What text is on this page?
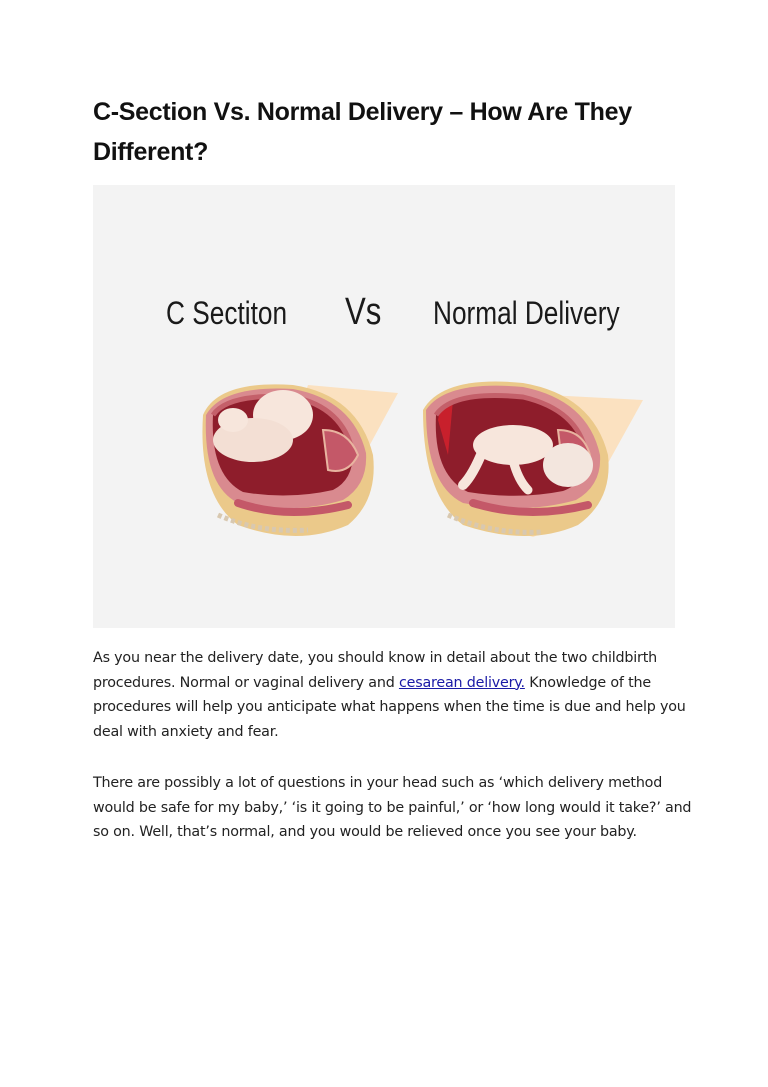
C-Section Vs. Normal Delivery – How Are They Different?
C Sectiton Vs Normal Delivery

As you near the delivery date, you should know in detail about the two childbirth procedures. Normal or vaginal delivery and cesarean delivery. Knowledge of the procedures will help you anticipate what happens when the time is due and help you deal with anxiety and fear.

There are possibly a lot of questions in your head such as ‘which delivery method would be safe for my baby,’ ‘is it going to be painful,’ or ‘how long would it take?’ and so on. Well, that’s normal, and you would be relieved once you see your baby.
